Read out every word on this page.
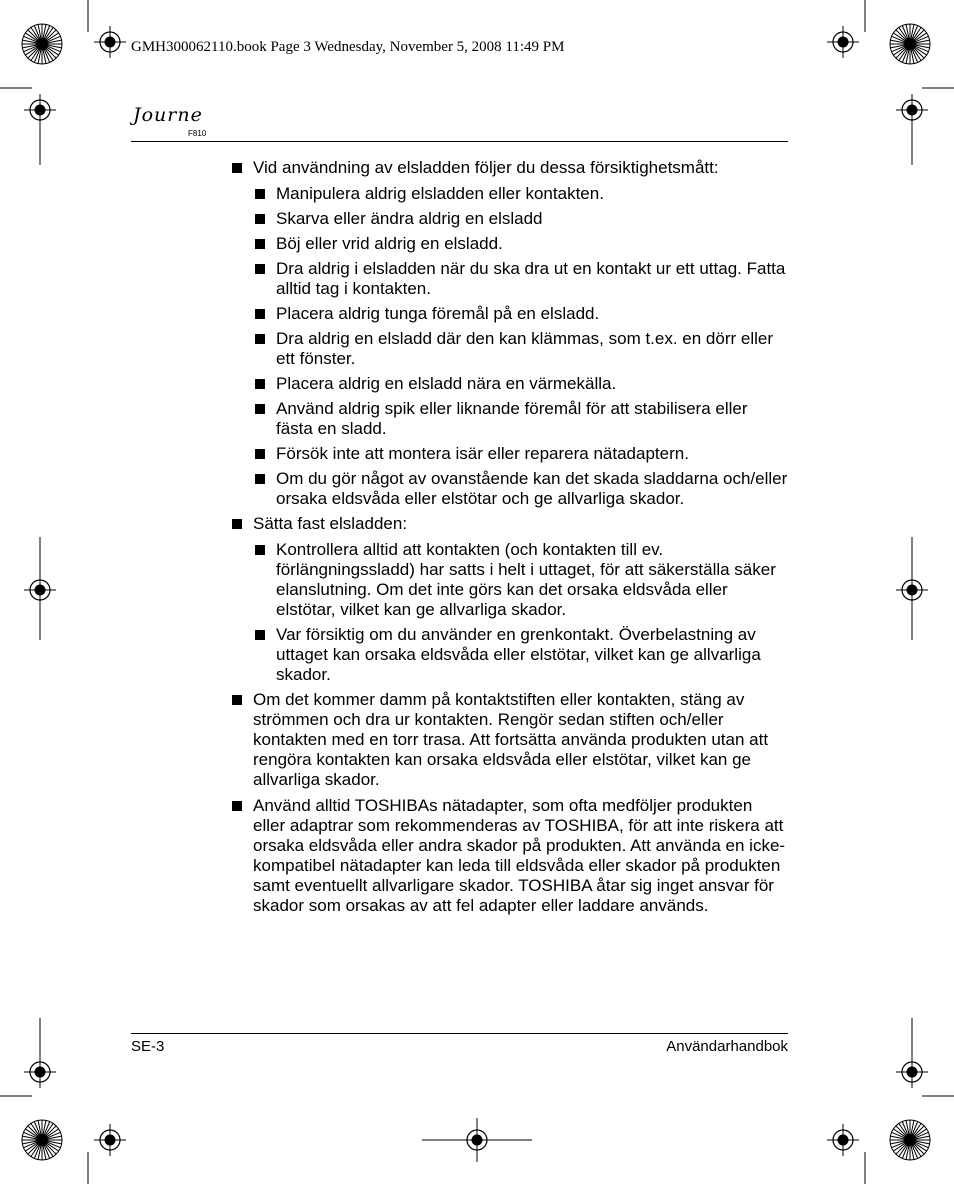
GMH300062110.book Page 3 Wednesday, November 5, 2008 11:49 PM
Journe
F810
Vid användning av elsladden följer du dessa försiktighetsmått:
Manipulera aldrig elsladden eller kontakten.
Skarva eller ändra aldrig en elsladd
Böj eller vrid aldrig en elsladd.
Dra aldrig i elsladden när du ska dra ut en kontakt ur ett uttag. Fatta alltid tag i kontakten.
Placera aldrig tunga föremål på en elsladd.
Dra aldrig en elsladd där den kan klämmas, som t.ex. en dörr eller ett fönster.
Placera aldrig en elsladd nära en värmekälla.
Använd aldrig spik eller liknande föremål för att stabilisera eller fästa en sladd.
Försök inte att montera isär eller reparera nätadaptern.
Om du gör något av ovanstående kan det skada sladdarna och/eller orsaka eldsvåda eller elstötar och ge allvarliga skador.
Sätta fast elsladden:
Kontrollera alltid att kontakten (och kontakten till ev. förlängningssladd) har satts i helt i uttaget, för att säkerställa säker elanslutning. Om det inte görs kan det orsaka eldsvåda eller elstötar, vilket kan ge allvarliga skador.
Var försiktig om du använder en grenkontakt. Överbelastning av uttaget kan orsaka eldsvåda eller elstötar, vilket kan ge allvarliga skador.
Om det kommer damm på kontaktstiften eller kontakten, stäng av strömmen och dra ur kontakten. Rengör sedan stiften och/eller kontakten med en torr trasa. Att fortsätta använda produkten utan att rengöra kontakten kan orsaka eldsvåda eller elstötar, vilket kan ge allvarliga skador.
Använd alltid TOSHIBAs nätadapter, som ofta medföljer produkten eller adaptrar som rekommenderas av TOSHIBA, för att inte riskera att orsaka eldsvåda eller andra skador på produkten. Att använda en icke-kompatibel nätadapter kan leda till eldsvåda eller skador på produkten samt eventuellt allvarligare skador. TOSHIBA åtar sig inget ansvar för skador som orsakas av att fel adapter eller laddare används.
SE-3	Användarhandbok
